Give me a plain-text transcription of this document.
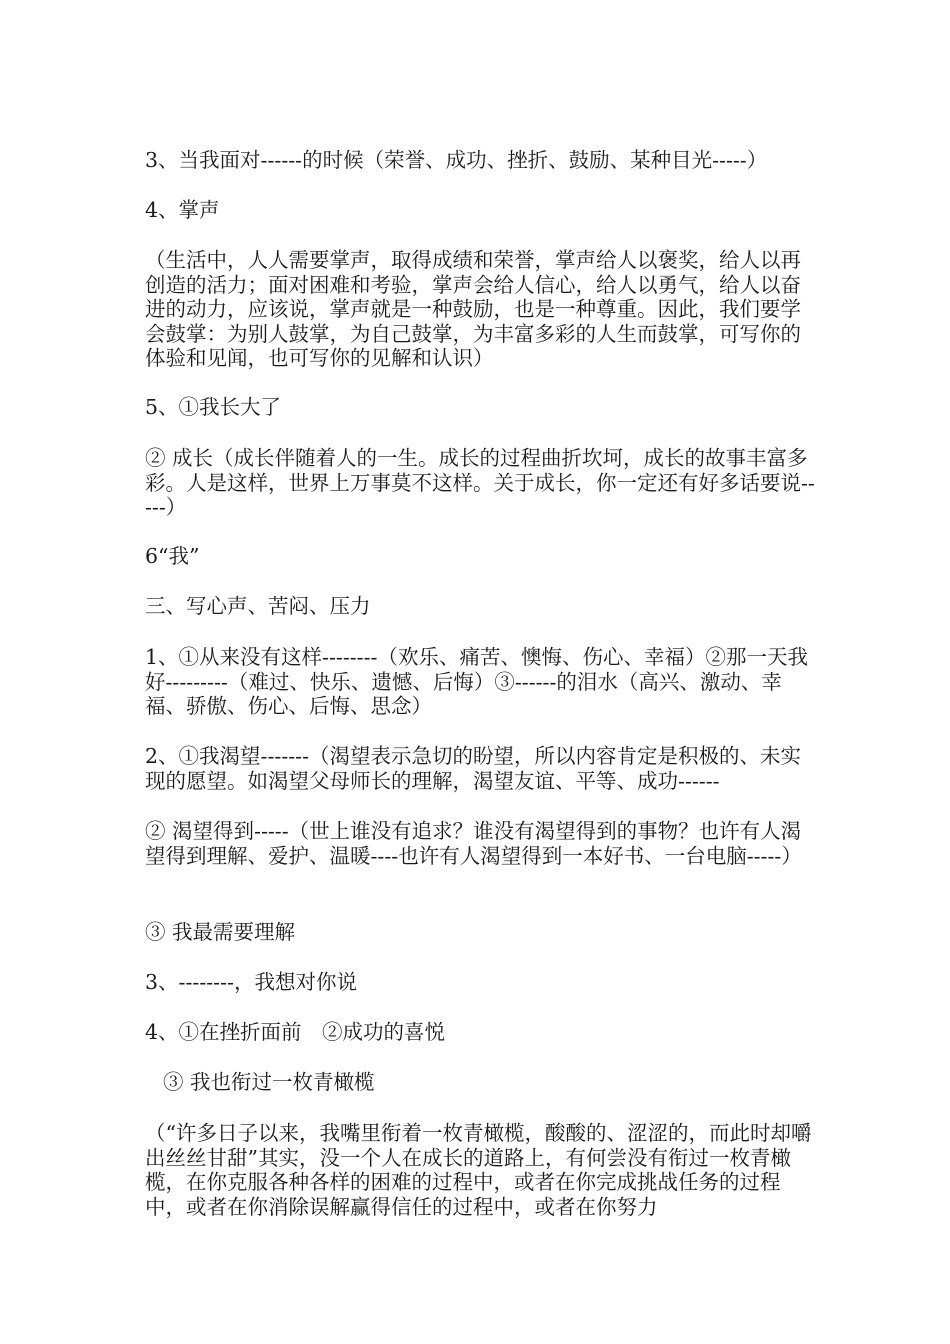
3、当我面对------的时候（荣誉、成功、挫折、鼓励、某种目光-----）
4、掌声
（生活中，人人需要掌声，取得成绩和荣誉，掌声给人以褒奖，给人以再创造的活力；面对困难和考验，掌声会给人信心，给人以勇气，给人以奋进的动力，应该说，掌声就是一种鼓励，也是一种尊重。因此，我们要学会鼓掌：为别人鼓掌，为自己鼓掌，为丰富多彩的人生而鼓掌，可写你的体验和见闻，也可写你的见解和认识）
5、①我长大了
② 成长（成长伴随着人的一生。成长的过程曲折坎坷，成长的故事丰富多彩。人是这样，世界上万事莫不这样。关于成长，你一定还有好多话要说-----）
6“我”
三、写心声、苦闷、压力
1、①从来没有这样--------（欢乐、痛苦、懊悔、伤心、幸福）②那一天我好---------（难过、快乐、遗憾、后悔）③------的泪水（高兴、激动、幸福、骄傲、伤心、后悔、思念）
2、①我渴望-------（渴望表示急切的盼望，所以内容肯定是积极的、未实现的愿望。如渴望父母师长的理解，渴望友谊、平等、成功------
② 渴望得到-----（世上谁没有追求？谁没有渴望得到的事物？也许有人渴望得到理解、爱护、温暖----也许有人渴望得到一本好书、一台电脑-----）
③ 我最需要理解
3、--------，我想对你说
4、①在挫折面前　②成功的喜悦
③ 我也衔过一枚青橄榄
（“许多日子以来，我嘴里衔着一枚青橄榄，酸酸的、涩涩的，而此时却嚼出丝丝甘甜”其实，没一个人在成长的道路上，有何尝没有衔过一枚青橄榄，在你克服各种各样的困难的过程中，或者在你完成挑战任务的过程中，或者在你消除误解赢得信任的过程中，或者在你努力
